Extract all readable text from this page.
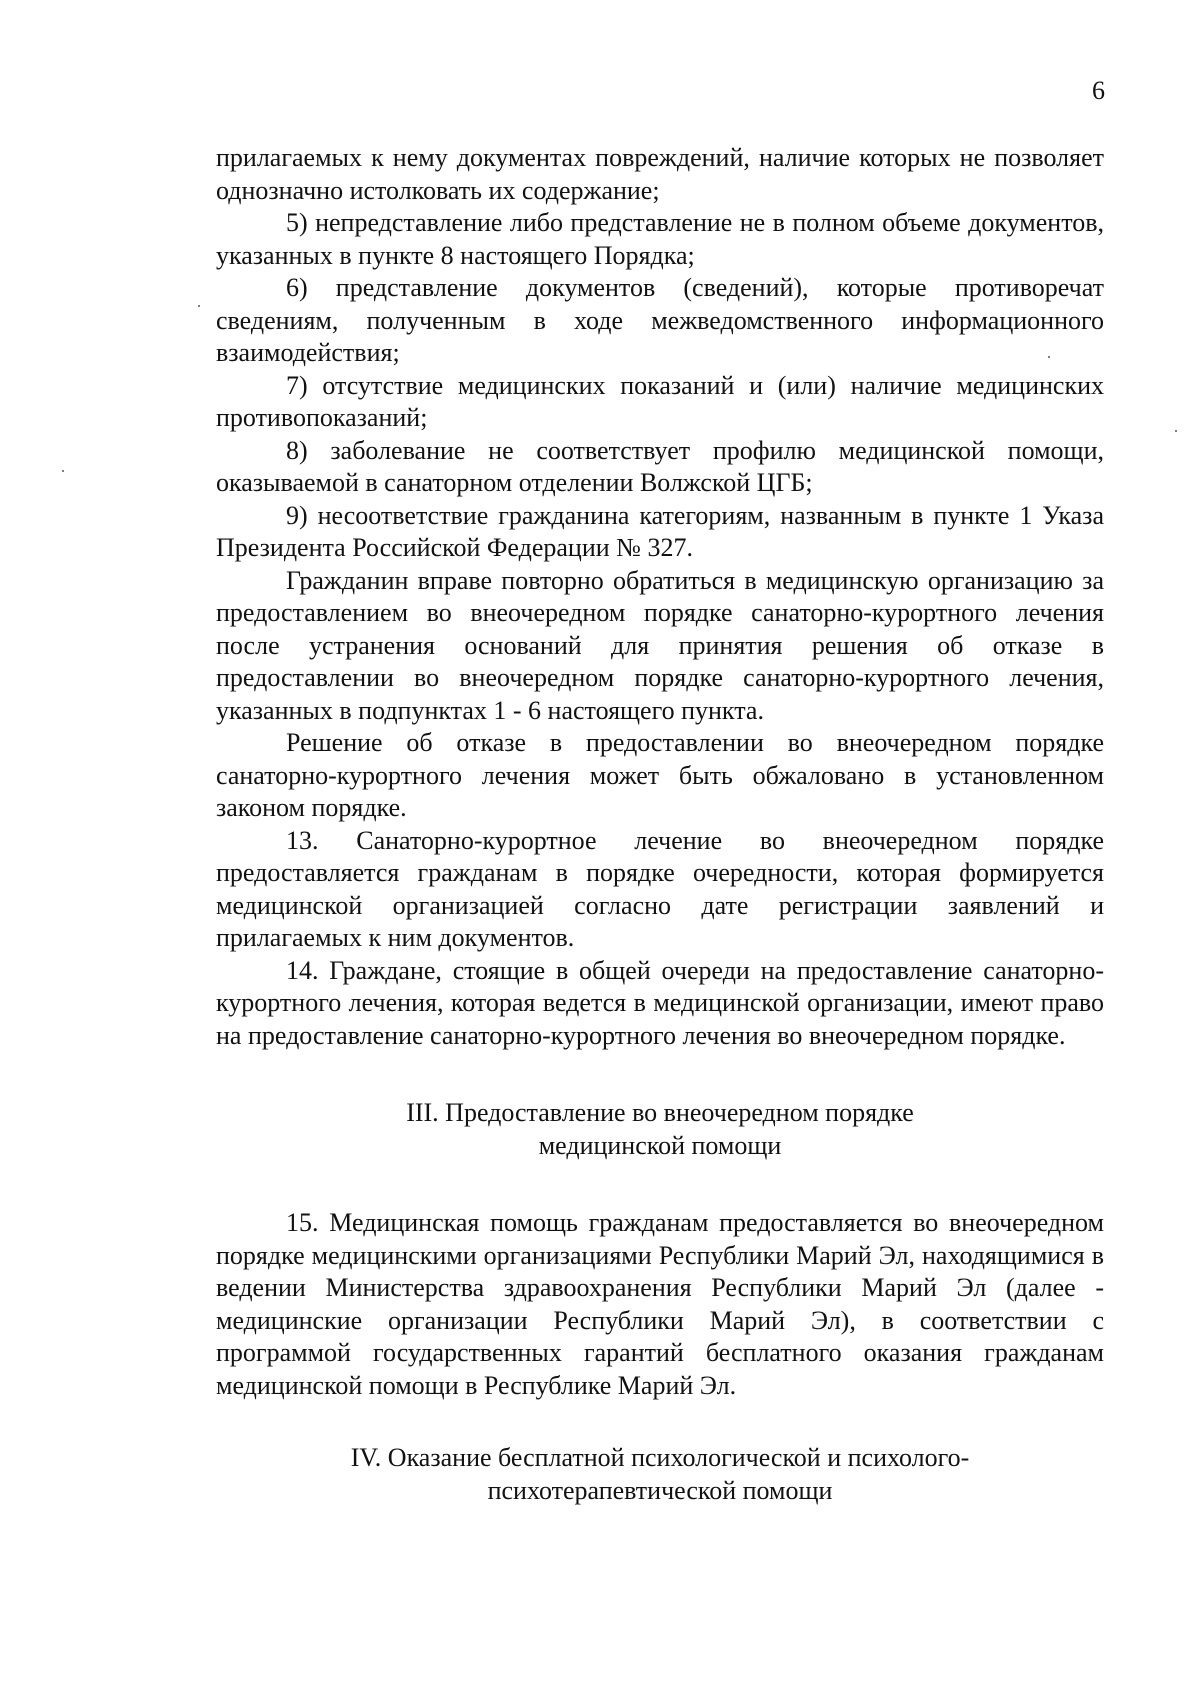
6

прилагаемых к нему документах повреждений, наличие которых не позволяет однозначно истолковать их содержание;

5) непредставление либо представление не в полном объеме документов, указанных в пункте 8 настоящего Порядка;

6) представление документов (сведений), которые противоречат сведениям, полученным в ходе межведомственного информационного взаимодействия;

7) отсутствие медицинских показаний и (или) наличие медицинских противопоказаний;

8) заболевание не соответствует профилю медицинской помощи, оказываемой в санаторном отделении Волжской ЦГБ;

9) несоответствие гражданина категориям, названным в пункте 1 Указа Президента Российской Федерации № 327.

Гражданин вправе повторно обратиться в медицинскую организацию за предоставлением во внеочередном порядке санаторно-курортного лечения после устранения оснований для принятия решения об отказе в предоставлении во внеочередном порядке санаторно-курортного лечения, указанных в подпунктах 1 - 6 настоящего пункта.

Решение об отказе в предоставлении во внеочередном порядке санаторно-курортного лечения может быть обжаловано в установленном законом порядке.

13. Санаторно-курортное лечение во внеочередном порядке предоставляется гражданам в порядке очередности, которая формируется медицинской организацией согласно дате регистрации заявлений и прилагаемых к ним документов.

14. Граждане, стоящие в общей очереди на предоставление санаторно-курортного лечения, которая ведется в медицинской организации, имеют право на предоставление санаторно-курортного лечения во внеочередном порядке.

III. Предоставление во внеочередном порядке
медицинской помощи

15. Медицинская помощь гражданам предоставляется во внеочередном порядке медицинскими организациями Республики Марий Эл, находящимися в ведении Министерства здравоохранения Республики Марий Эл (далее - медицинские организации Республики Марий Эл), в соответствии с программой государственных гарантий бесплатного оказания гражданам медицинской помощи в Республике Марий Эл.

IV. Оказание бесплатной психологической и психолого-
психотерапевтической помощи
